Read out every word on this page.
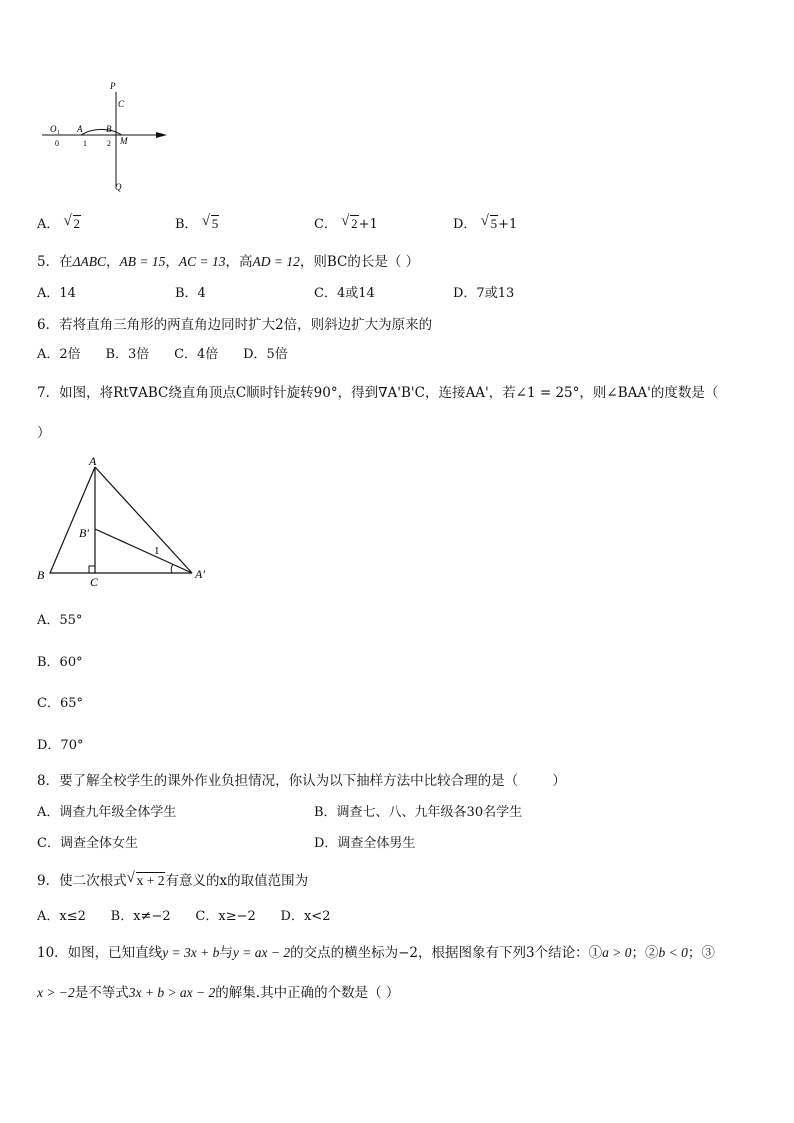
P
C
O 1 A	B
M
Q
0	1	2
A． √ 2	B． √ 5	C． √ 2+1	D． √ 5+1
5．在ΔABC，AB = 15，AC = 13，高AD = 12，则BC的长是（ ）
A．14	B．4	C．4或14	D．7或13
6．若将直角三角形的两直角边同时扩大2倍，则斜边扩大为原来的
A．2倍      B．3倍      C．4倍      D．5倍
7．如图，将Rt∇ABC绕直角顶点C顺时针旋转90°，得到∇A'B'C，连接AA'，若∠1 = 25°，则∠BAA'的度数是（
）
A
B′
B	C
A′
1
A．55°
B．60°
C．65°
D．70°
8．要了解全校学生的课外作业负担情况，你认为以下抽样方法中比较合理的是（        ）
A．调查九年级全体学生	B．调查七、八、九年级各30名学生
C．调查全体女生	D．调查全体男生
9．使二次根式 √ x + 2有意义的x的取值范围为
A．x≤2      B．x≠−2      C．x≥−2      D．x<2
10．如图，已知直线y = 3x + b与y = ax − 2的交点的横坐标为−2，根据图象有下列3个结论：①a > 0；②b < 0；③
x > −2是不等式3x + b > ax − 2的解集.其中正确的个数是（ ）
